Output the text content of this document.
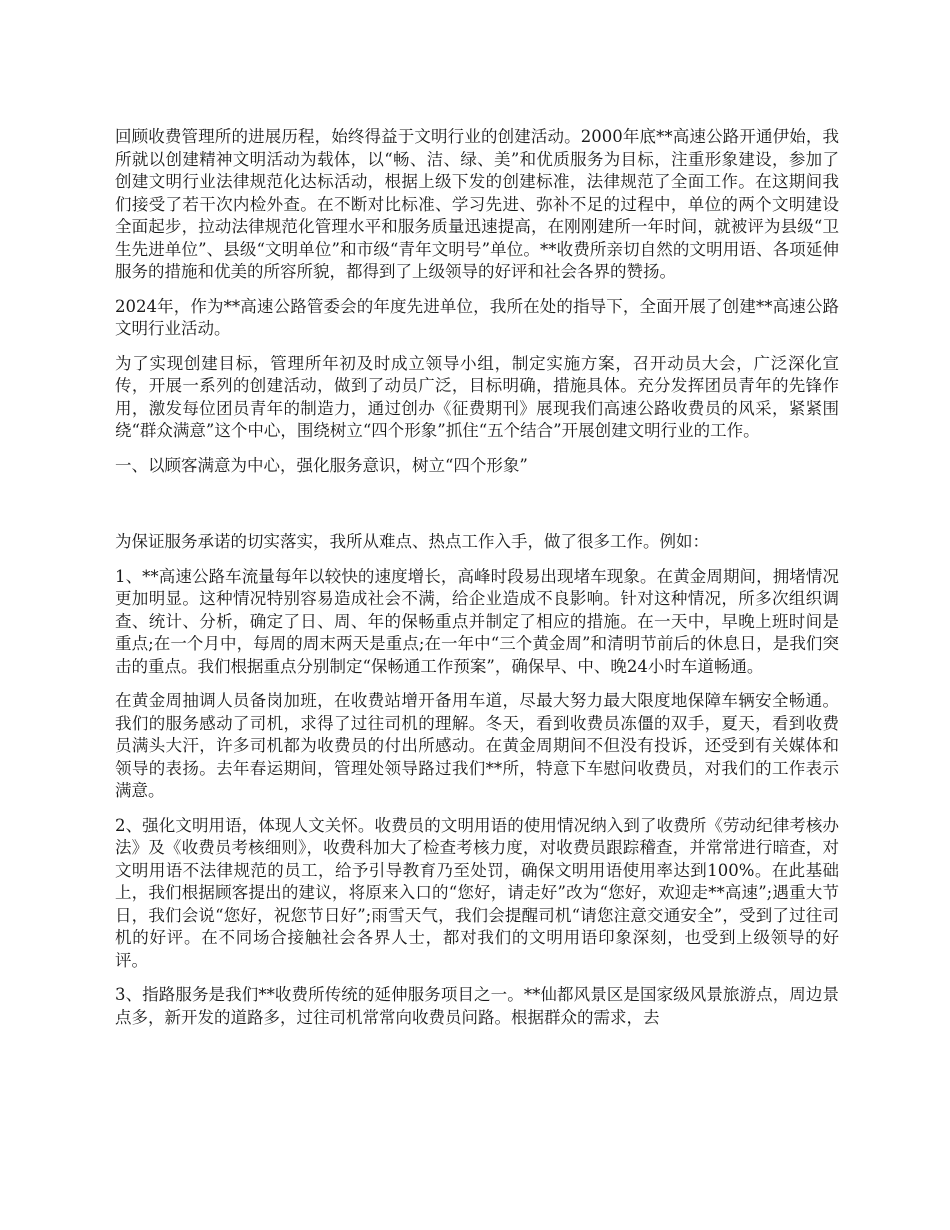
回顾收费管理所的进展历程，始终得益于文明行业的创建活动。2000年底**高速公路开通伊始，我所就以创建精神文明活动为载体，以“畅、洁、绿、美”和优质服务为目标，注重形象建设，参加了创建文明行业法律规范化达标活动，根据上级下发的创建标准，法律规范了全面工作。在这期间我们接受了若干次内检外查。在不断对比标准、学习先进、弥补不足的过程中，单位的两个文明建设全面起步，拉动法律规范化管理水平和服务质量迅速提高，在刚刚建所一年时间，就被评为县级“卫生先进单位”、县级“文明单位”和市级“青年文明号”单位。**收费所亲切自然的文明用语、各项延伸服务的措施和优美的所容所貌，都得到了上级领导的好评和社会各界的赞扬。

2024年，作为**高速公路管委会的年度先进单位，我所在处的指导下，全面开展了创建**高速公路文明行业活动。

为了实现创建目标，管理所年初及时成立领导小组，制定实施方案，召开动员大会，广泛深化宣传，开展一系列的创建活动，做到了动员广泛，目标明确，措施具体。充分发挥团员青年的先锋作用，激发每位团员青年的制造力，通过创办《征费期刊》展现我们高速公路收费员的风采，紧紧围绕“群众满意”这个中心，围绕树立“四个形象”抓住“五个结合”开展创建文明行业的工作。

一、以顾客满意为中心，强化服务意识，树立“四个形象”

为保证服务承诺的切实落实，我所从难点、热点工作入手，做了很多工作。例如：

1、**高速公路车流量每年以较快的速度增长，高峰时段易出现堵车现象。在黄金周期间，拥堵情况更加明显。这种情况特别容易造成社会不满，给企业造成不良影响。针对这种情况，所多次组织调查、统计、分析，确定了日、周、年的保畅重点并制定了相应的措施。在一天中，早晚上班时间是重点;在一个月中，每周的周末两天是重点;在一年中“三个黄金周”和清明节前后的休息日，是我们突击的重点。我们根据重点分别制定“保畅通工作预案”，确保早、中、晚24小时车道畅通。

在黄金周抽调人员备岗加班，在收费站增开备用车道，尽最大努力最大限度地保障车辆安全畅通。我们的服务感动了司机，求得了过往司机的理解。冬天，看到收费员冻僵的双手，夏天，看到收费员满头大汗，许多司机都为收费员的付出所感动。在黄金周期间不但没有投诉，还受到有关媒体和领导的表扬。去年春运期间，管理处领导路过我们**所，特意下车慰问收费员，对我们的工作表示满意。

2、强化文明用语，体现人文关怀。收费员的文明用语的使用情况纳入到了收费所《劳动纪律考核办法》及《收费员考核细则》，收费科加大了检查考核力度，对收费员跟踪稽查，并常常进行暗查，对文明用语不法律规范的员工，给予引导教育乃至处罚，确保文明用语使用率达到100%。在此基础上，我们根据顾客提出的建议，将原来入口的“您好，请走好”改为“您好，欢迎走**高速”;遇重大节日，我们会说“您好，祝您节日好”;雨雪天气，我们会提醒司机“请您注意交通安全”，受到了过往司机的好评。在不同场合接触社会各界人士，都对我们的文明用语印象深刻，也受到上级领导的好评。

3、指路服务是我们**收费所传统的延伸服务项目之一。**仙都风景区是国家级风景旅游点，周边景点多，新开发的道路多，过往司机常常向收费员问路。根据群众的需求，去
